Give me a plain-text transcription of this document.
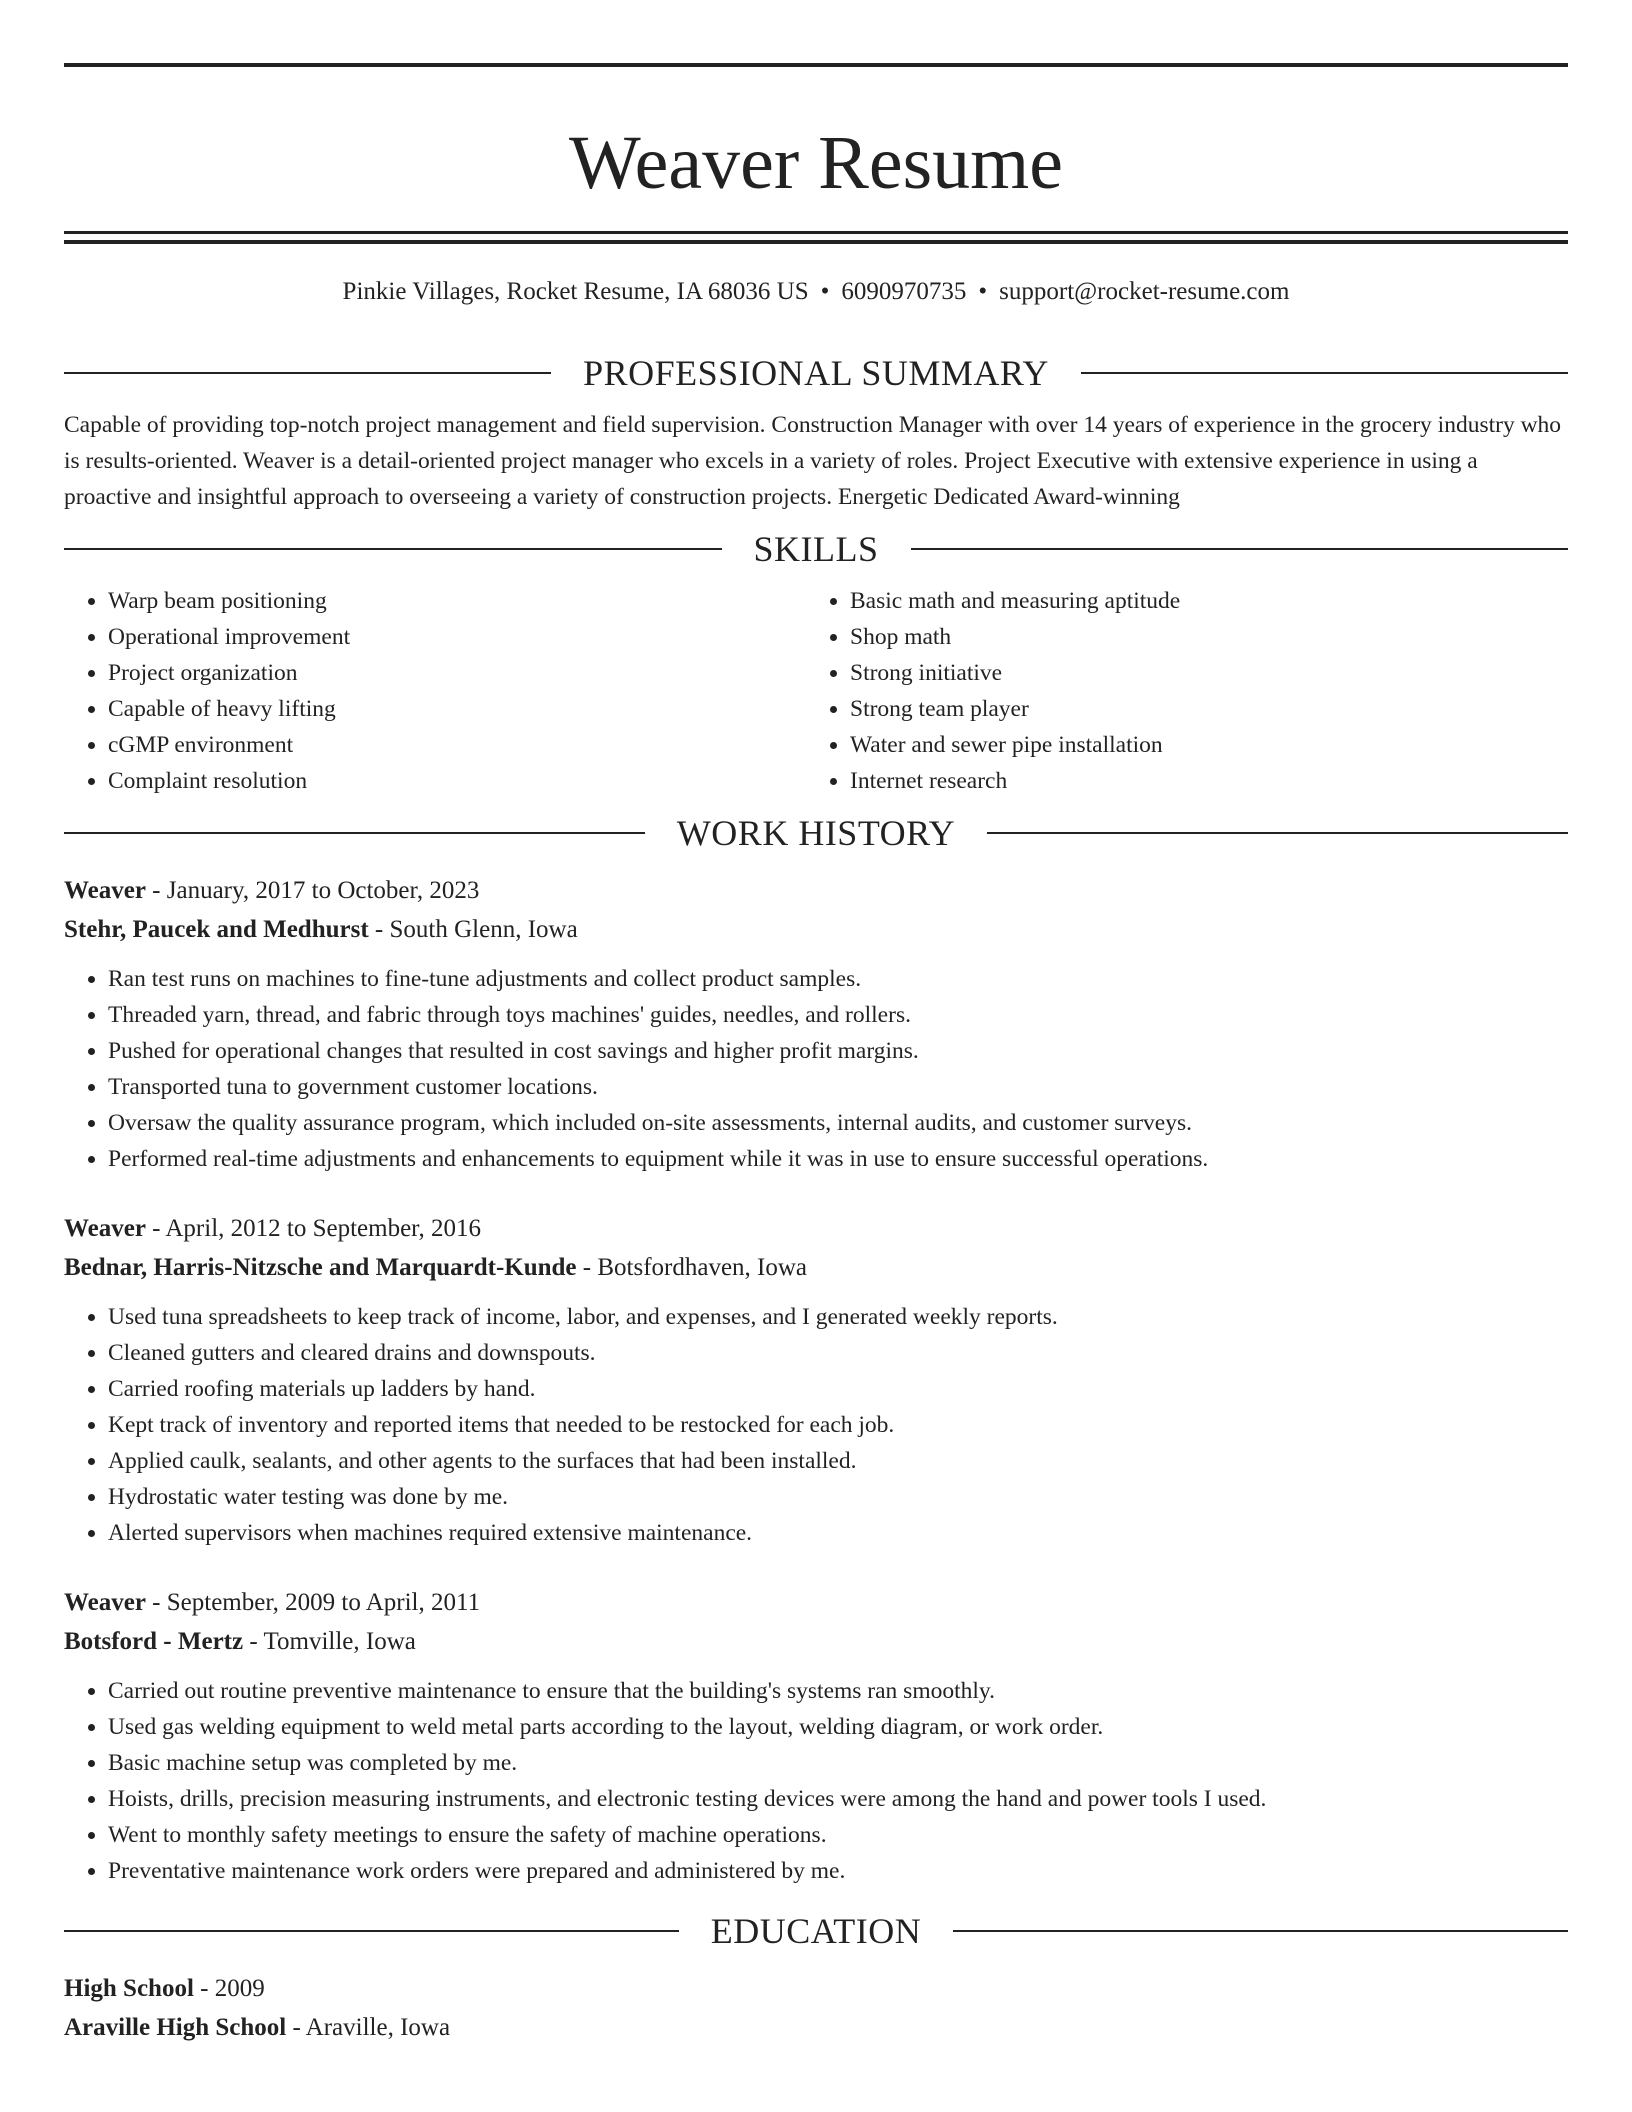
Weaver Resume
Pinkie Villages, Rocket Resume, IA 68036 US • 6090970735 • support@rocket-resume.com
PROFESSIONAL SUMMARY
Capable of providing top-notch project management and field supervision. Construction Manager with over 14 years of experience in the grocery industry who is results-oriented. Weaver is a detail-oriented project manager who excels in a variety of roles. Project Executive with extensive experience in using a proactive and insightful approach to overseeing a variety of construction projects. Energetic Dedicated Award-winning
SKILLS
• Warp beam positioning
• Operational improvement
• Project organization
• Capable of heavy lifting
• cGMP environment
• Complaint resolution
• Basic math and measuring aptitude
• Shop math
• Strong initiative
• Strong team player
• Water and sewer pipe installation
• Internet research
WORK HISTORY
Weaver - January, 2017 to October, 2023
Stehr, Paucek and Medhurst - South Glenn, Iowa
• Ran test runs on machines to fine-tune adjustments and collect product samples.
• Threaded yarn, thread, and fabric through toys machines' guides, needles, and rollers.
• Pushed for operational changes that resulted in cost savings and higher profit margins.
• Transported tuna to government customer locations.
• Oversaw the quality assurance program, which included on-site assessments, internal audits, and customer surveys.
• Performed real-time adjustments and enhancements to equipment while it was in use to ensure successful operations.
Weaver - April, 2012 to September, 2016
Bednar, Harris-Nitzsche and Marquardt-Kunde - Botsfordhaven, Iowa
• Used tuna spreadsheets to keep track of income, labor, and expenses, and I generated weekly reports.
• Cleaned gutters and cleared drains and downspouts.
• Carried roofing materials up ladders by hand.
• Kept track of inventory and reported items that needed to be restocked for each job.
• Applied caulk, sealants, and other agents to the surfaces that had been installed.
• Hydrostatic water testing was done by me.
• Alerted supervisors when machines required extensive maintenance.
Weaver - September, 2009 to April, 2011
Botsford - Mertz - Tomville, Iowa
• Carried out routine preventive maintenance to ensure that the building's systems ran smoothly.
• Used gas welding equipment to weld metal parts according to the layout, welding diagram, or work order.
• Basic machine setup was completed by me.
• Hoists, drills, precision measuring instruments, and electronic testing devices were among the hand and power tools I used.
• Went to monthly safety meetings to ensure the safety of machine operations.
• Preventative maintenance work orders were prepared and administered by me.
EDUCATION
High School - 2009
Araville High School - Araville, Iowa
